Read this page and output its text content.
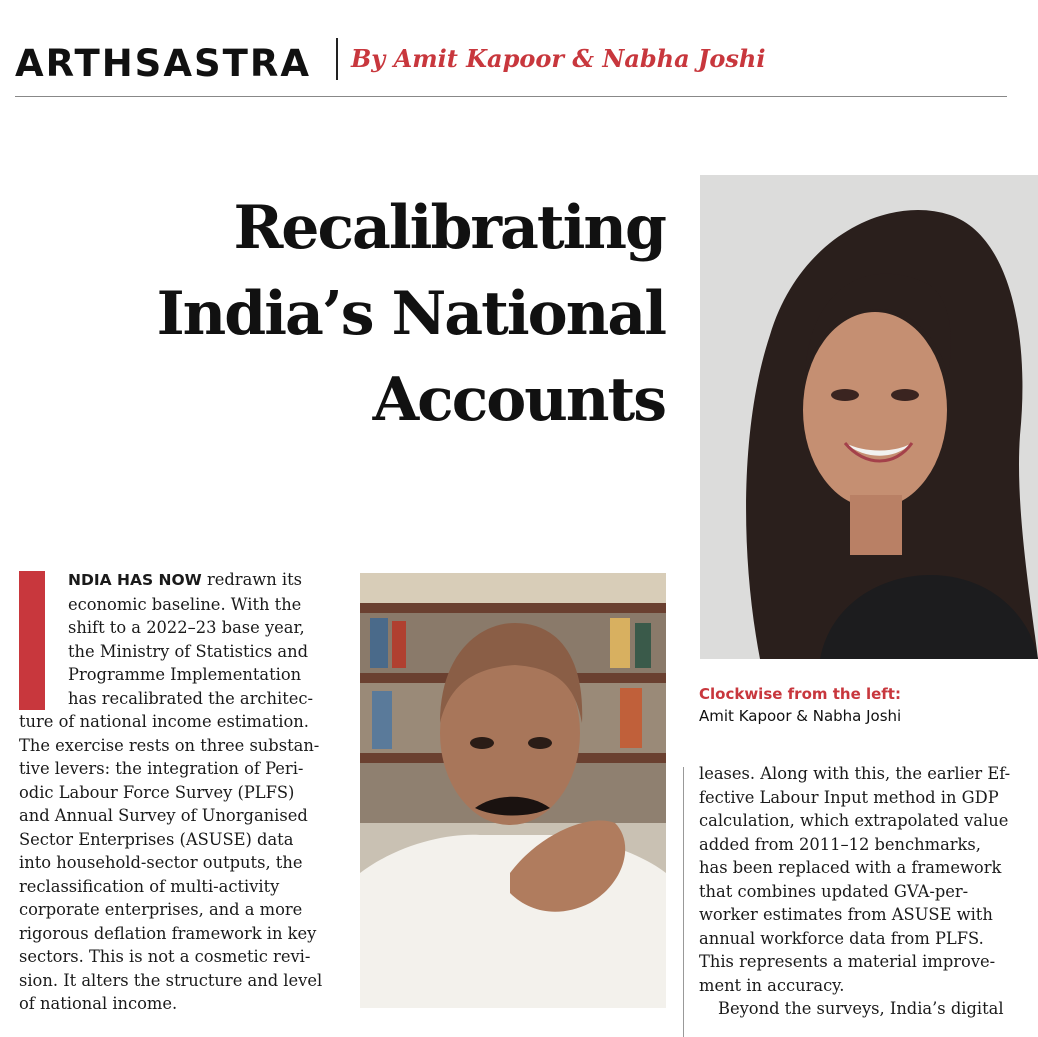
ARTHSASTRA By Amit Kapoor & Nabha Joshi
Recalibrating
India’s National
Accounts
Clockwise from the left:
Amit Kapoor & Nabha Joshi
NDIA HAS NOW redrawn its
economic baseline. With the
shift to a 2022–23 base year,
the Ministry of Statistics and
Programme Implementation
has recalibrated the architec-
ture of national income estimation.
The exercise rests on three substan-
tive levers: the integration of Peri-
odic Labour Force Survey (PLFS)
and Annual Survey of Unorganised
Sector Enterprises (ASUSE) data
into household-sector outputs, the
reclassification of multi-activity
corporate enterprises, and a more
rigorous deflation framework in key
sectors. This is not a cosmetic revi-
sion. It alters the structure and level
of national income.
leases. Along with this, the earlier Ef-
fective Labour Input method in GDP
calculation, which extrapolated value
added from 2011–12 benchmarks,
has been replaced with a framework
that combines updated GVA-per-
worker estimates from ASUSE with
annual workforce data from PLFS.
This represents a material improve-
ment in accuracy.
Beyond the surveys, India’s digital
